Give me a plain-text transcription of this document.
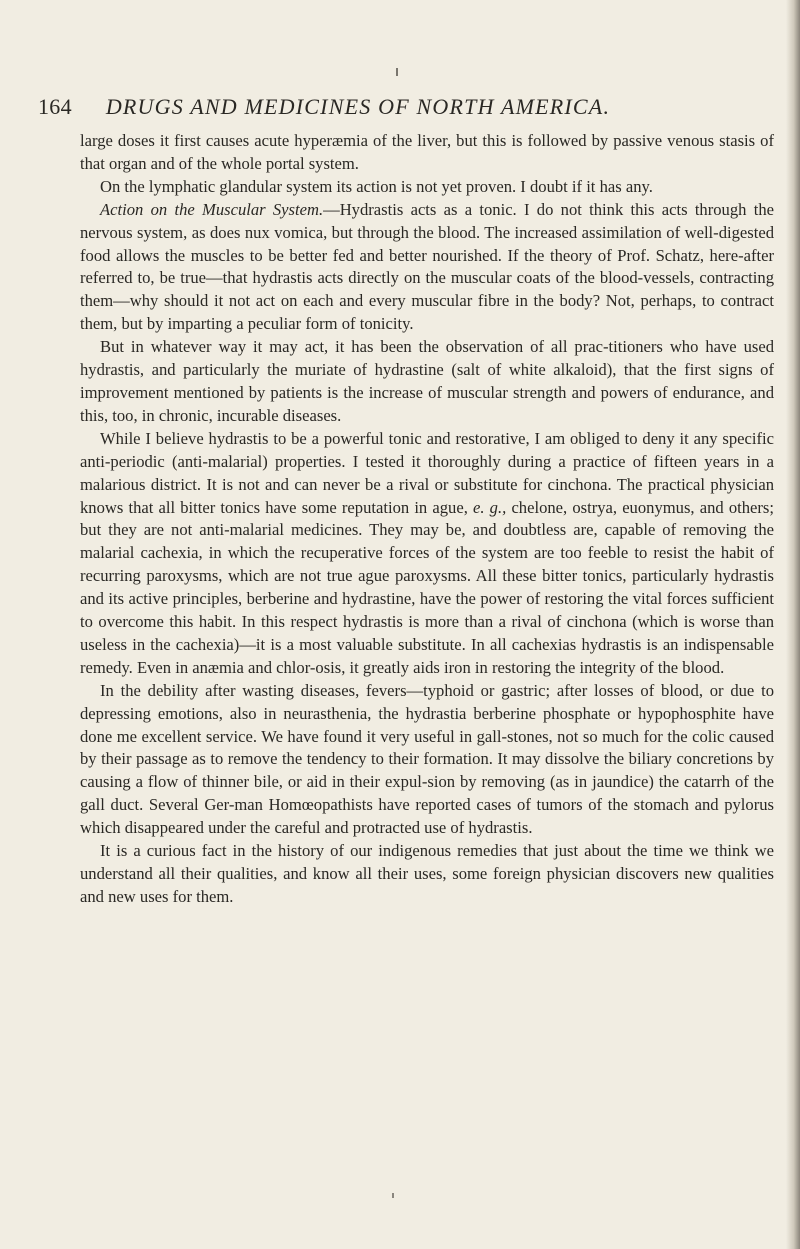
164 DRUGS AND MEDICINES OF NORTH AMERICA.

large doses it first causes acute hyperæmia of the liver, but this is followed by passive venous stasis of that organ and of the whole portal system.

On the lymphatic glandular system its action is not yet proven. I doubt if it has any.

Action on the Muscular System.—Hydrastis acts as a tonic. I do not think this acts through the nervous system, as does nux vomica, but through the blood. The increased assimilation of well-digested food allows the muscles to be better fed and better nourished. If the theory of Prof. Schatz, here-after referred to, be true—that hydrastis acts directly on the muscular coats of the blood-vessels, contracting them—why should it not act on each and every muscular fibre in the body? Not, perhaps, to contract them, but by imparting a peculiar form of tonicity.

But in whatever way it may act, it has been the observation of all prac-titioners who have used hydrastis, and particularly the muriate of hydrastine (salt of white alkaloid), that the first signs of improvement mentioned by patients is the increase of muscular strength and powers of endurance, and this, too, in chronic, incurable diseases.

While I believe hydrastis to be a powerful tonic and restorative, I am obliged to deny it any specific anti-periodic (anti-malarial) properties. I tested it thoroughly during a practice of fifteen years in a malarious district. It is not and can never be a rival or substitute for cinchona. The practical physician knows that all bitter tonics have some reputation in ague, e. g., chelone, ostrya, euonymus, and others; but they are not anti-malarial medicines. They may be, and doubtless are, capable of removing the malarial cachexia, in which the recuperative forces of the system are too feeble to resist the habit of recurring paroxysms, which are not true ague paroxysms. All these bitter tonics, particularly hydrastis and its active principles, berberine and hydrastine, have the power of restoring the vital forces sufficient to overcome this habit. In this respect hydrastis is more than a rival of cinchona (which is worse than useless in the cachexia)—it is a most valuable substitute. In all cachexias hydrastis is an indispensable remedy. Even in anæmia and chlor-osis, it greatly aids iron in restoring the integrity of the blood.

In the debility after wasting diseases, fevers—typhoid or gastric; after losses of blood, or due to depressing emotions, also in neurasthenia, the hydrastia berberine phosphate or hypophosphite have done me excellent service. We have found it very useful in gall-stones, not so much for the colic caused by their passage as to remove the tendency to their formation. It may dissolve the biliary concretions by causing a flow of thinner bile, or aid in their expul-sion by removing (as in jaundice) the catarrh of the gall duct. Several Ger-man Homœopathists have reported cases of tumors of the stomach and pylorus which disappeared under the careful and protracted use of hydrastis.

It is a curious fact in the history of our indigenous remedies that just about the time we think we understand all their qualities, and know all their uses, some foreign physician discovers new qualities and new uses for them.
